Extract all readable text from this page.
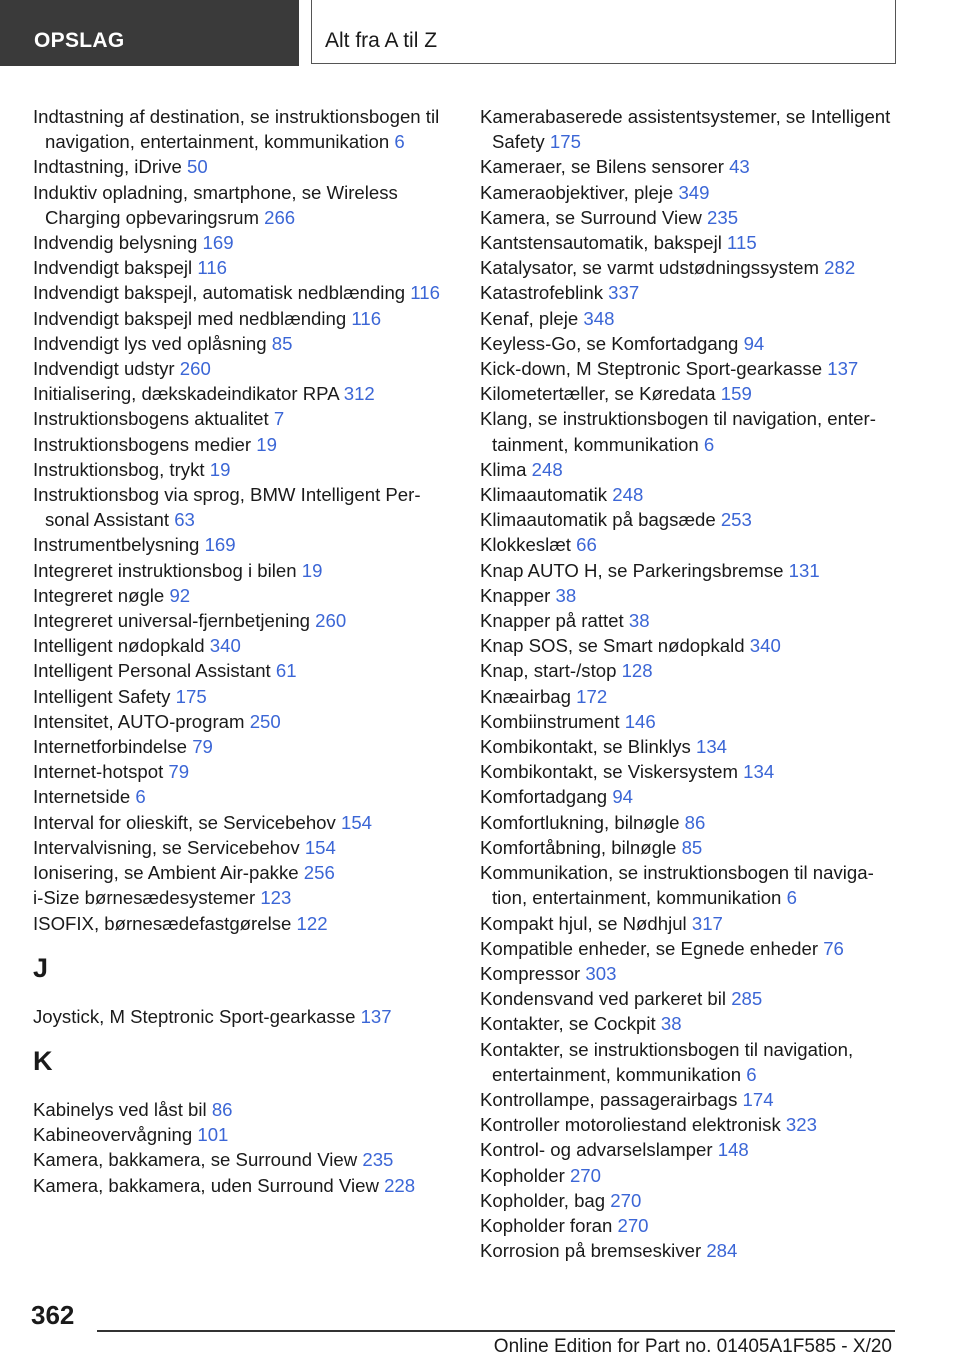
OPSLAG	Alt fra A til Z
Indtastning af destination, se instruktionsbogen til navigation, entertainment, kommunikation 6
Indtastning, iDrive 50
Induktiv opladning, smartphone, se Wireless Charging opbevaringsrum 266
Indvendig belysning 169
Indvendigt bakspejl 116
Indvendigt bakspejl, automatisk nedblænding 116
Indvendigt bakspejl med nedblænding 116
Indvendigt lys ved oplåsning 85
Indvendigt udstyr 260
Initialisering, dækskadeindikator RPA 312
Instruktionsbogens aktualitet 7
Instruktionsbogens medier 19
Instruktionsbog, trykt 19
Instruktionsbog via sprog, BMW Intelligent Personal Assistant 63
Instrumentbelysning 169
Integreret instruktionsbog i bilen 19
Integreret nøgle 92
Integreret universal-fjernbetjening 260
Intelligent nødopkald 340
Intelligent Personal Assistant 61
Intelligent Safety 175
Intensitet, AUTO-program 250
Internetforbindelse 79
Internet-hotspot 79
Internetside 6
Interval for olieskift, se Servicebehov 154
Intervalvisning, se Servicebehov 154
Ionisering, se Ambient Air-pakke 256
i-Size børnesædesystemer 123
ISOFIX, børnesædefastgørelse 122
J
Joystick, M Steptronic Sport-gearkasse 137
K
Kabinelys ved låst bil 86
Kabineovervågning 101
Kamera, bakkamera, se Surround View 235
Kamera, bakkamera, uden Surround View 228
Kamerabaserede assistentsystemer, se Intelligent Safety 175
Kameraer, se Bilens sensorer 43
Kameraobjektiver, pleje 349
Kamera, se Surround View 235
Kantstensautomatik, bakspejl 115
Katalysator, se varmt udstødningssystem 282
Katastrofeblink 337
Kenaf, pleje 348
Keyless-Go, se Komfortadgang 94
Kick-down, M Steptronic Sport-gearkasse 137
Kilometertæller, se Køredata 159
Klang, se instruktionsbogen til navigation, entertainment, kommunikation 6
Klima 248
Klimaautomatik 248
Klimaautomatik på bagsæde 253
Klokkeslæt 66
Knap AUTO H, se Parkeringsbremse 131
Knapper 38
Knapper på rattet 38
Knap SOS, se Smart nødopkald 340
Knap, start-/stop 128
Knæairbag 172
Kombiinstrument 146
Kombikontakt, se Blinklys 134
Kombikontakt, se Viskersystem 134
Komfortadgang 94
Komfortlukning, bilnøgle 86
Komfortåbning, bilnøgle 85
Kommunikation, se instruktionsbogen til navigation, entertainment, kommunikation 6
Kompakt hjul, se Nødhjul 317
Kompatible enheder, se Egnede enheder 76
Kompressor 303
Kondensvand ved parkeret bil 285
Kontakter, se Cockpit 38
Kontakter, se instruktionsbogen til navigation, entertainment, kommunikation 6
Kontrollampe, passagerairbags 174
Kontroller motoroliestand elektronisk 323
Kontrol- og advarselslamper 148
Kopholder 270
Kopholder, bag 270
Kopholder foran 270
Korrosion på bremseskiver 284
362
Online Edition for Part no. 01405A1F585 - X/20
